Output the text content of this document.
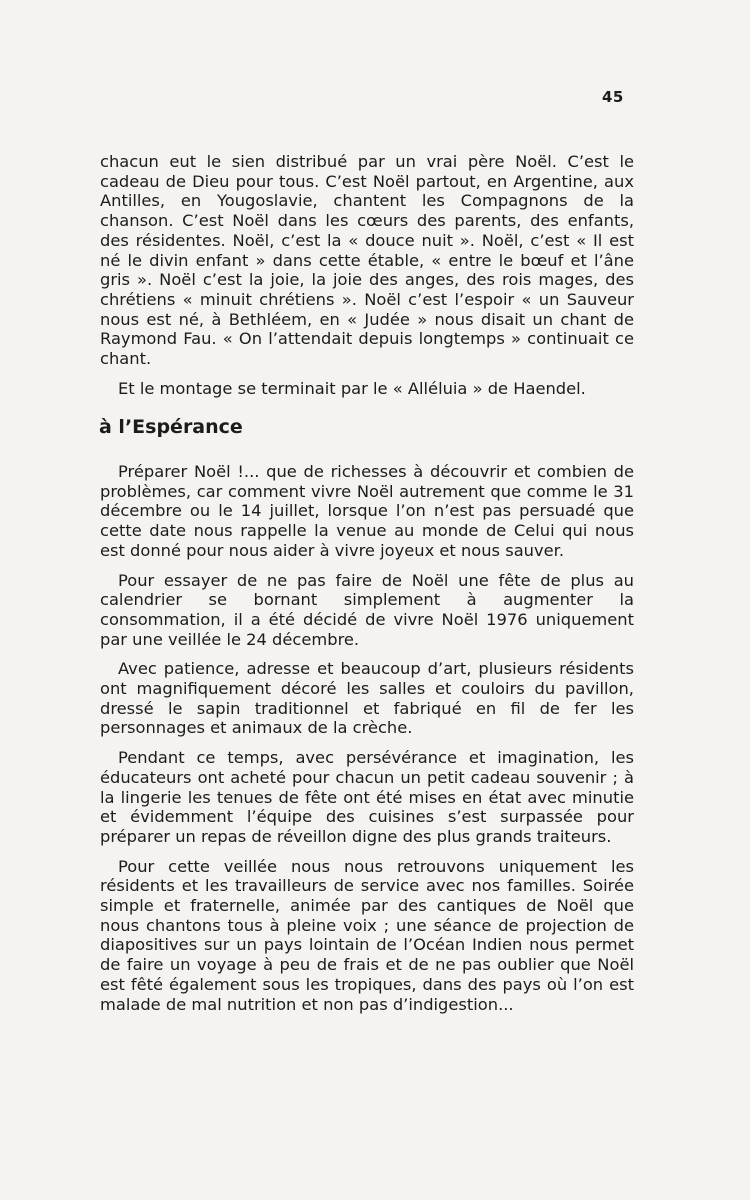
45

chacun eut le sien distribué par un vrai père Noël. C’est le cadeau de Dieu pour tous. C’est Noël partout, en Argentine, aux Antilles, en Yougoslavie, chantent les Compagnons de la chanson. C’est Noël dans les cœurs des parents, des enfants, des résidentes. Noël, c’est la « douce nuit ». Noël, c’est « Il est né le divin enfant » dans cette étable, « entre le bœuf et l’âne gris ». Noël c’est la joie, la joie des anges, des rois mages, des chrétiens « minuit chrétiens ». Noël c’est l’espoir « un Sauveur nous est né, à Bethléem, en « Judée » nous disait un chant de Raymond Fau. « On l’attendait depuis longtemps » continuait ce chant.

Et le montage se terminait par le « Alléluia » de Haendel.

à l’Espérance

Préparer Noël !... que de richesses à découvrir et combien de problèmes, car comment vivre Noël autrement que comme le 31 décembre ou le 14 juillet, lorsque l’on n’est pas persuadé que cette date nous rappelle la venue au monde de Celui qui nous est donné pour nous aider à vivre joyeux et nous sauver.

Pour essayer de ne pas faire de Noël une fête de plus au calendrier se bornant simplement à augmenter la consommation, il a été décidé de vivre Noël 1976 uniquement par une veillée le 24 décembre.

Avec patience, adresse et beaucoup d’art, plusieurs résidents ont magnifiquement décoré les salles et couloirs du pavillon, dressé le sapin traditionnel et fabriqué en fil de fer les personnages et animaux de la crèche.

Pendant ce temps, avec persévérance et imagination, les éducateurs ont acheté pour chacun un petit cadeau souvenir ; à la lingerie les tenues de fête ont été mises en état avec minutie et évidemment l’équipe des cuisines s’est surpassée pour préparer un repas de réveillon digne des plus grands traiteurs.

Pour cette veillée nous nous retrouvons uniquement les résidents et les travailleurs de service avec nos familles. Soirée simple et fraternelle, animée par des cantiques de Noël que nous chantons tous à pleine voix ; une séance de projection de diapositives sur un pays lointain de l’Océan Indien nous permet de faire un voyage à peu de frais et de ne pas oublier que Noël est fêté également sous les tropiques, dans des pays où l’on est malade de mal nutrition et non pas d’indigestion...
